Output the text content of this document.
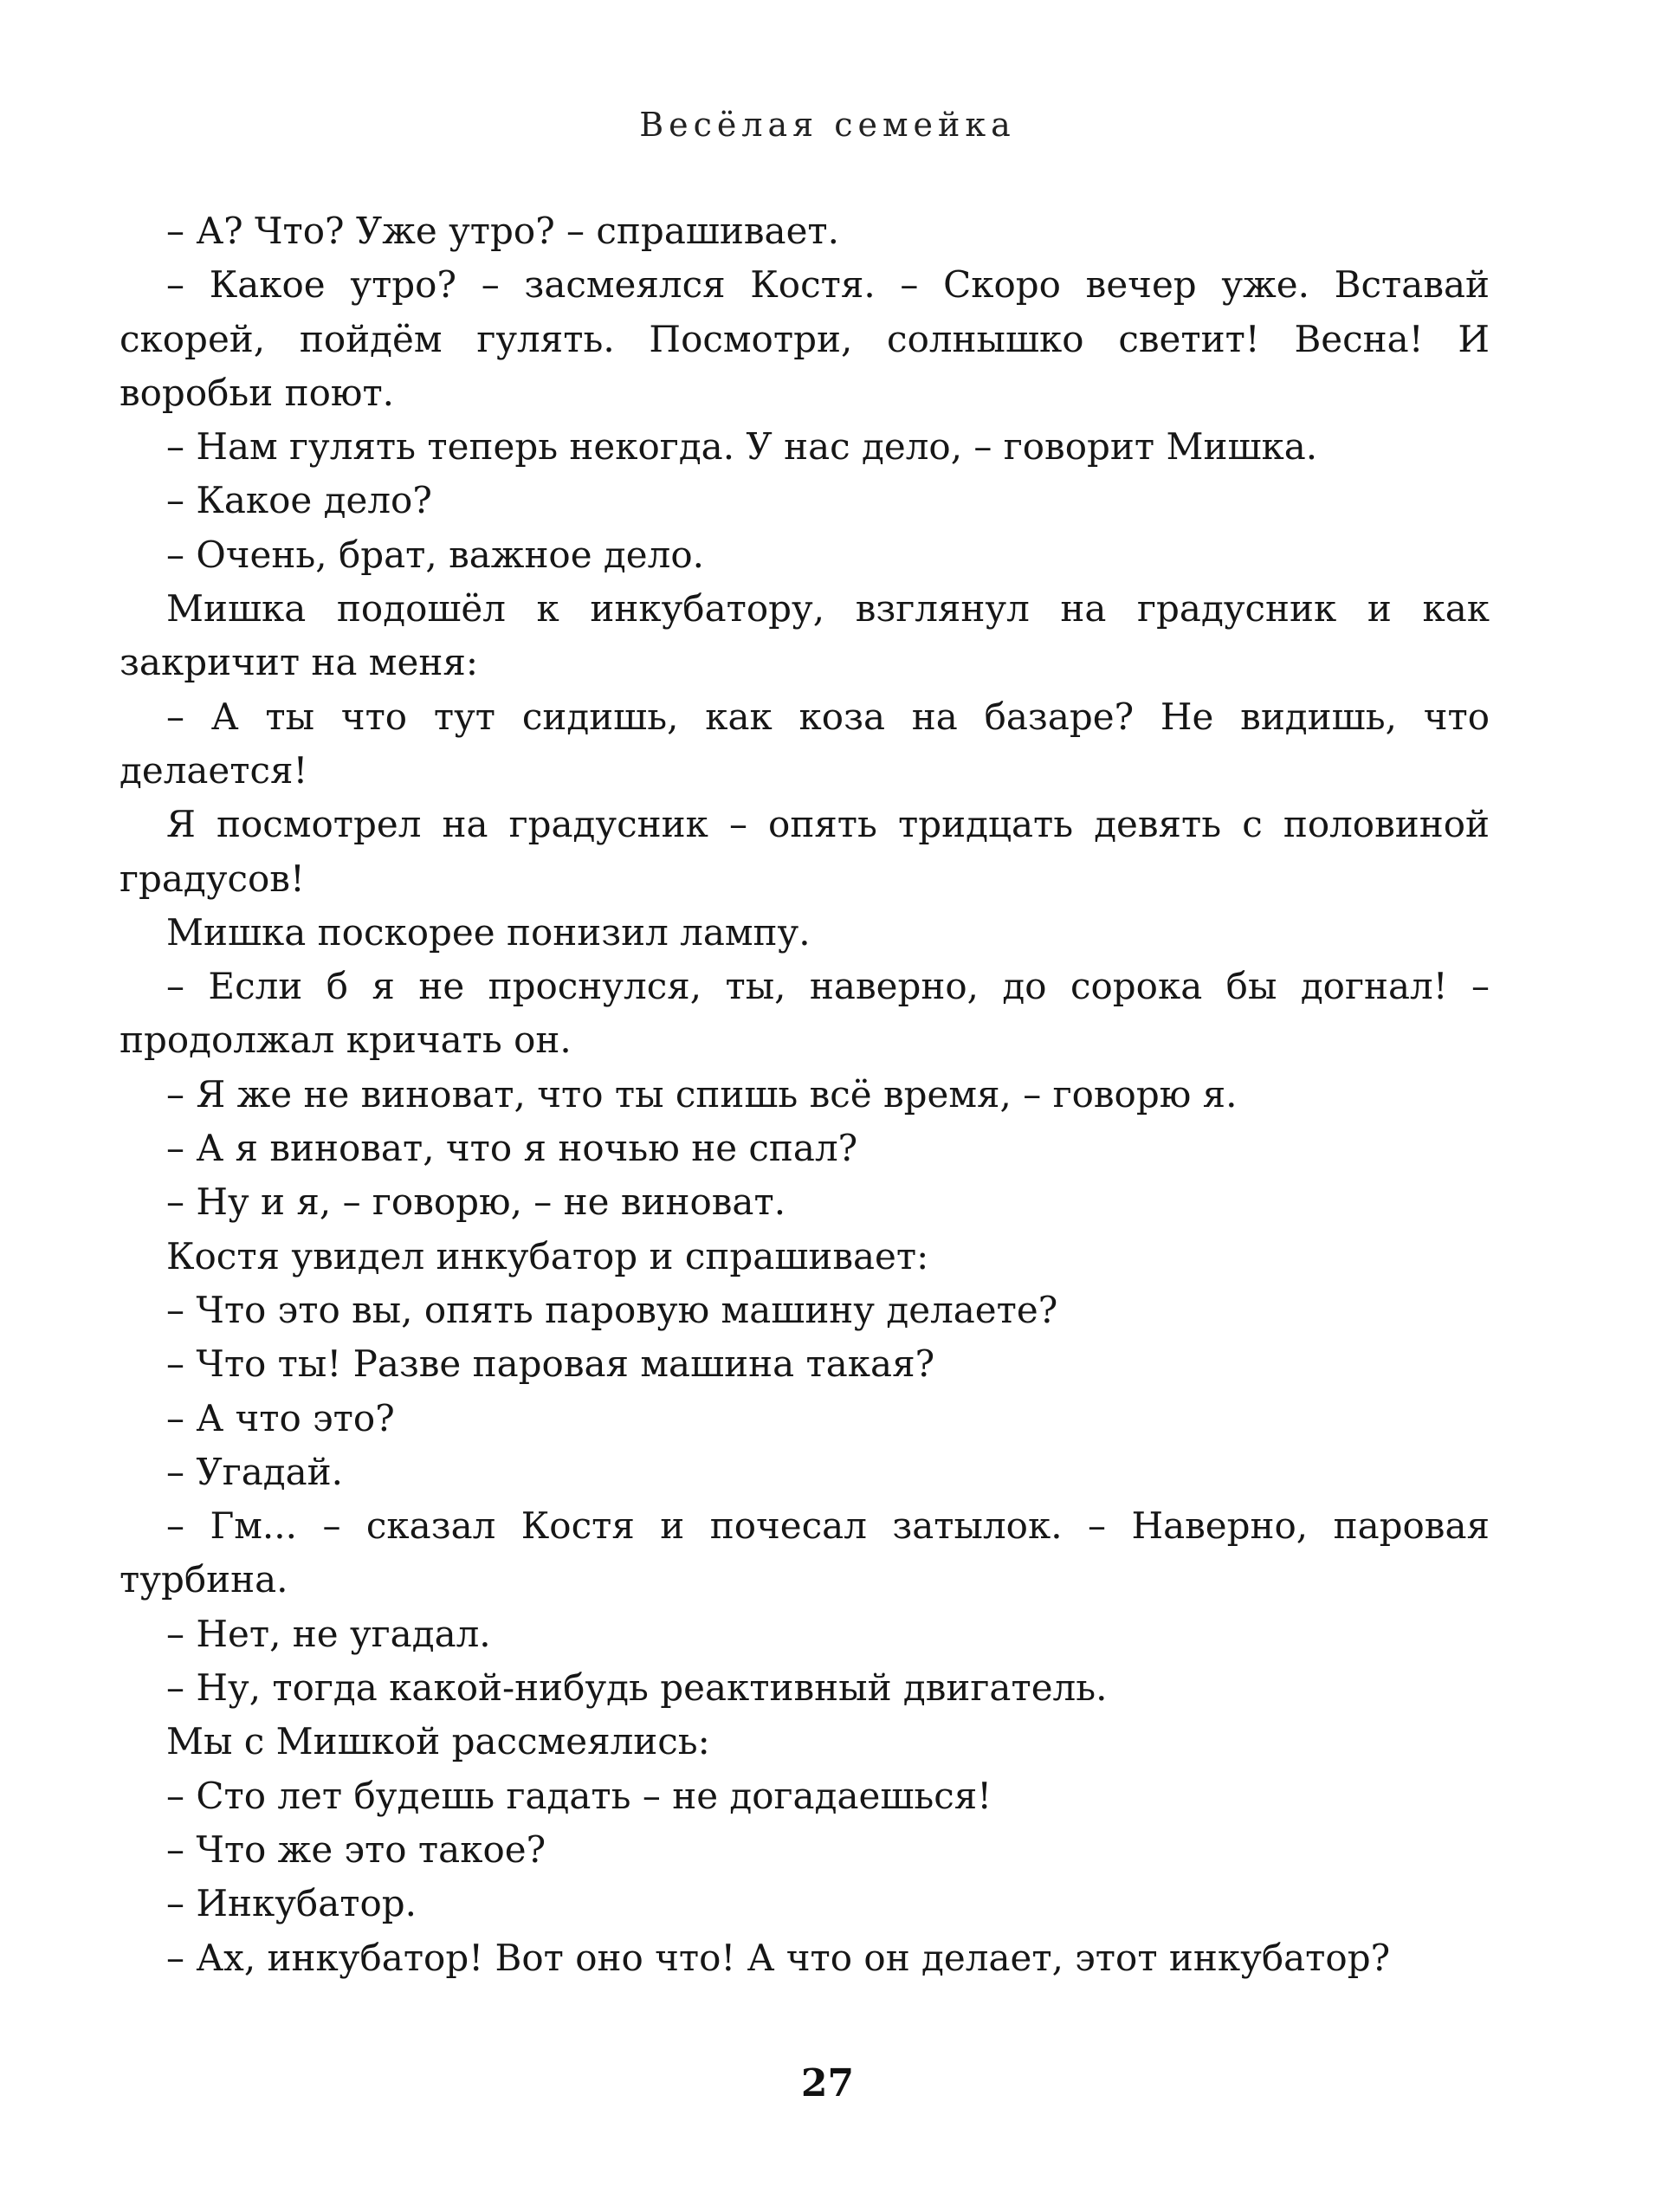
Весёлая семейка

– А? Что? Уже утро? – спрашивает.

– Какое утро? – засмеялся Костя. – Скоро вечер уже. Вставай скорей, пойдём гулять. Посмотри, солнышко светит! Весна! И воробьи поют.

– Нам гулять теперь некогда. У нас дело, – говорит Мишка.

– Какое дело?

– Очень, брат, важное дело.

Мишка подошёл к инкубатору, взглянул на градусник и как закричит на меня:

– А ты что тут сидишь, как коза на базаре? Не видишь, что делается!

Я посмотрел на градусник – опять тридцать девять с половиной градусов!

Мишка поскорее понизил лампу.

– Если б я не проснулся, ты, наверно, до сорока бы догнал! – продолжал кричать он.

– Я же не виноват, что ты спишь всё время, – говорю я.

– А я виноват, что я ночью не спал?

– Ну и я, – говорю, – не виноват.

Костя увидел инкубатор и спрашивает:

– Что это вы, опять паровую машину делаете?

– Что ты! Разве паровая машина такая?

– А что это?

– Угадай.

– Гм... – сказал Костя и почесал затылок. – Наверно, паровая турбина.

– Нет, не угадал.

– Ну, тогда какой-нибудь реактивный двигатель.

Мы с Мишкой рассмеялись:

– Сто лет будешь гадать – не догадаешься!

– Что же это такое?

– Инкубатор.

– Ах, инкубатор! Вот оно что! А что он делает, этот инкубатор?

27
